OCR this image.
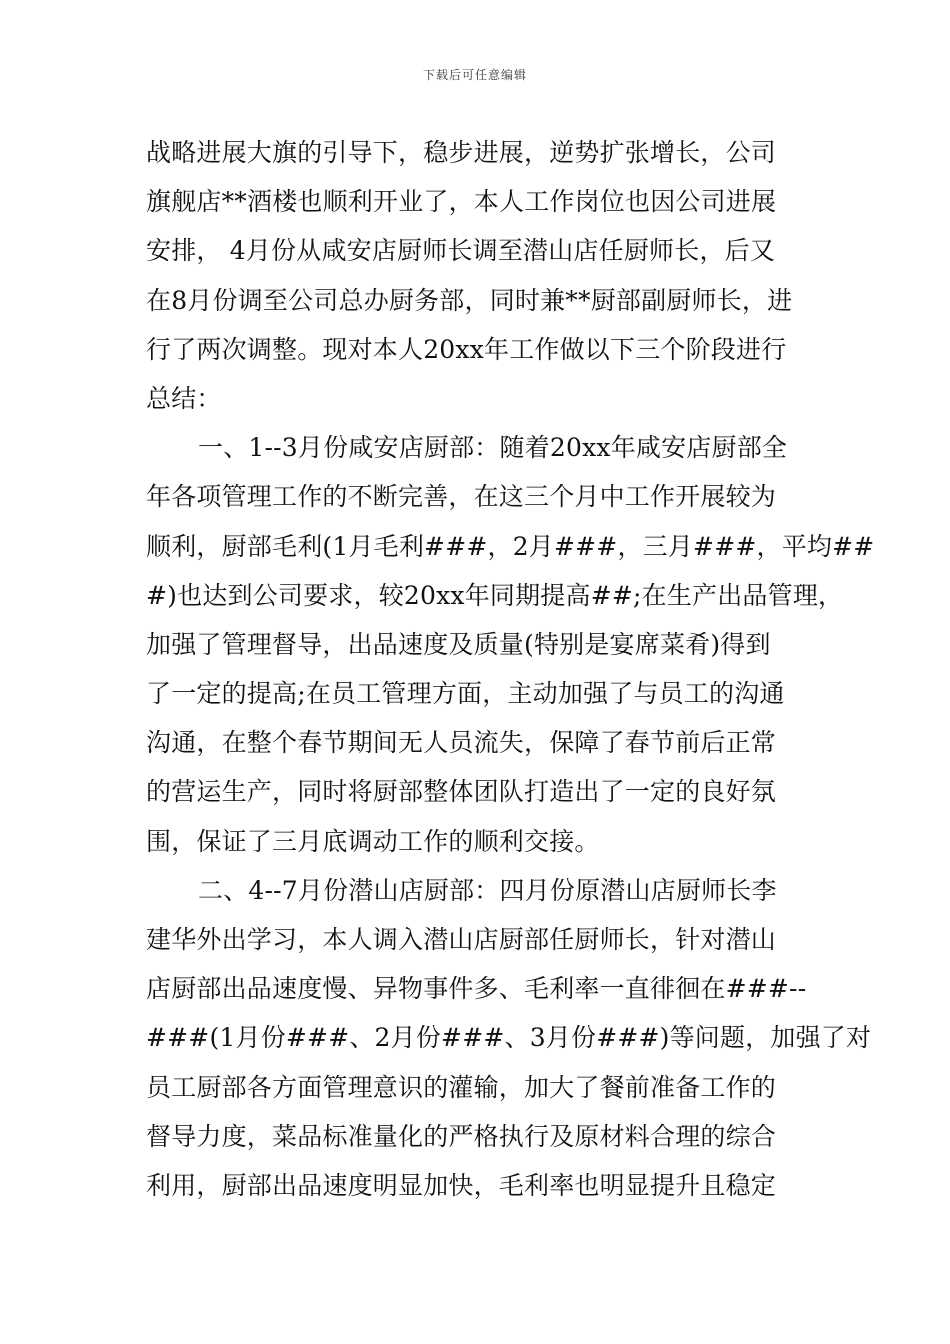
下载后可任意编辑
战略进展大旗的引导下，稳步进展，逆势扩张增长，公司
旗舰店**酒楼也顺利开业了，本人工作岗位也因公司进展
安排， 4月份从咸安店厨师长调至潜山店任厨师长，后又
在8月份调至公司总办厨务部，同时兼**厨部副厨师长，进
行了两次调整。现对本人20xx年工作做以下三个阶段进行
总结：
一、1--3月份咸安店厨部：随着20xx年咸安店厨部全
年各项管理工作的不断完善，在这三个月中工作开展较为
顺利，厨部毛利(1月毛利###，2月###，三月###，平均##
#)也达到公司要求，较20xx年同期提高##;在生产出品管理，
加强了管理督导，出品速度及质量(特别是宴席菜肴)得到
了一定的提高;在员工管理方面，主动加强了与员工的沟通
沟通，在整个春节期间无人员流失，保障了春节前后正常
的营运生产，同时将厨部整体团队打造出了一定的良好氛
围，保证了三月底调动工作的顺利交接。
二、4--7月份潜山店厨部：四月份原潜山店厨师长李
建华外出学习，本人调入潜山店厨部任厨师长，针对潜山
店厨部出品速度慢、异物事件多、毛利率一直徘徊在###--
###(1月份###、2月份###、3月份###)等问题，加强了对
员工厨部各方面管理意识的灌输，加大了餐前准备工作的
督导力度，菜品标准量化的严格执行及原材料合理的综合
利用，厨部出品速度明显加快，毛利率也明显提升且稳定
